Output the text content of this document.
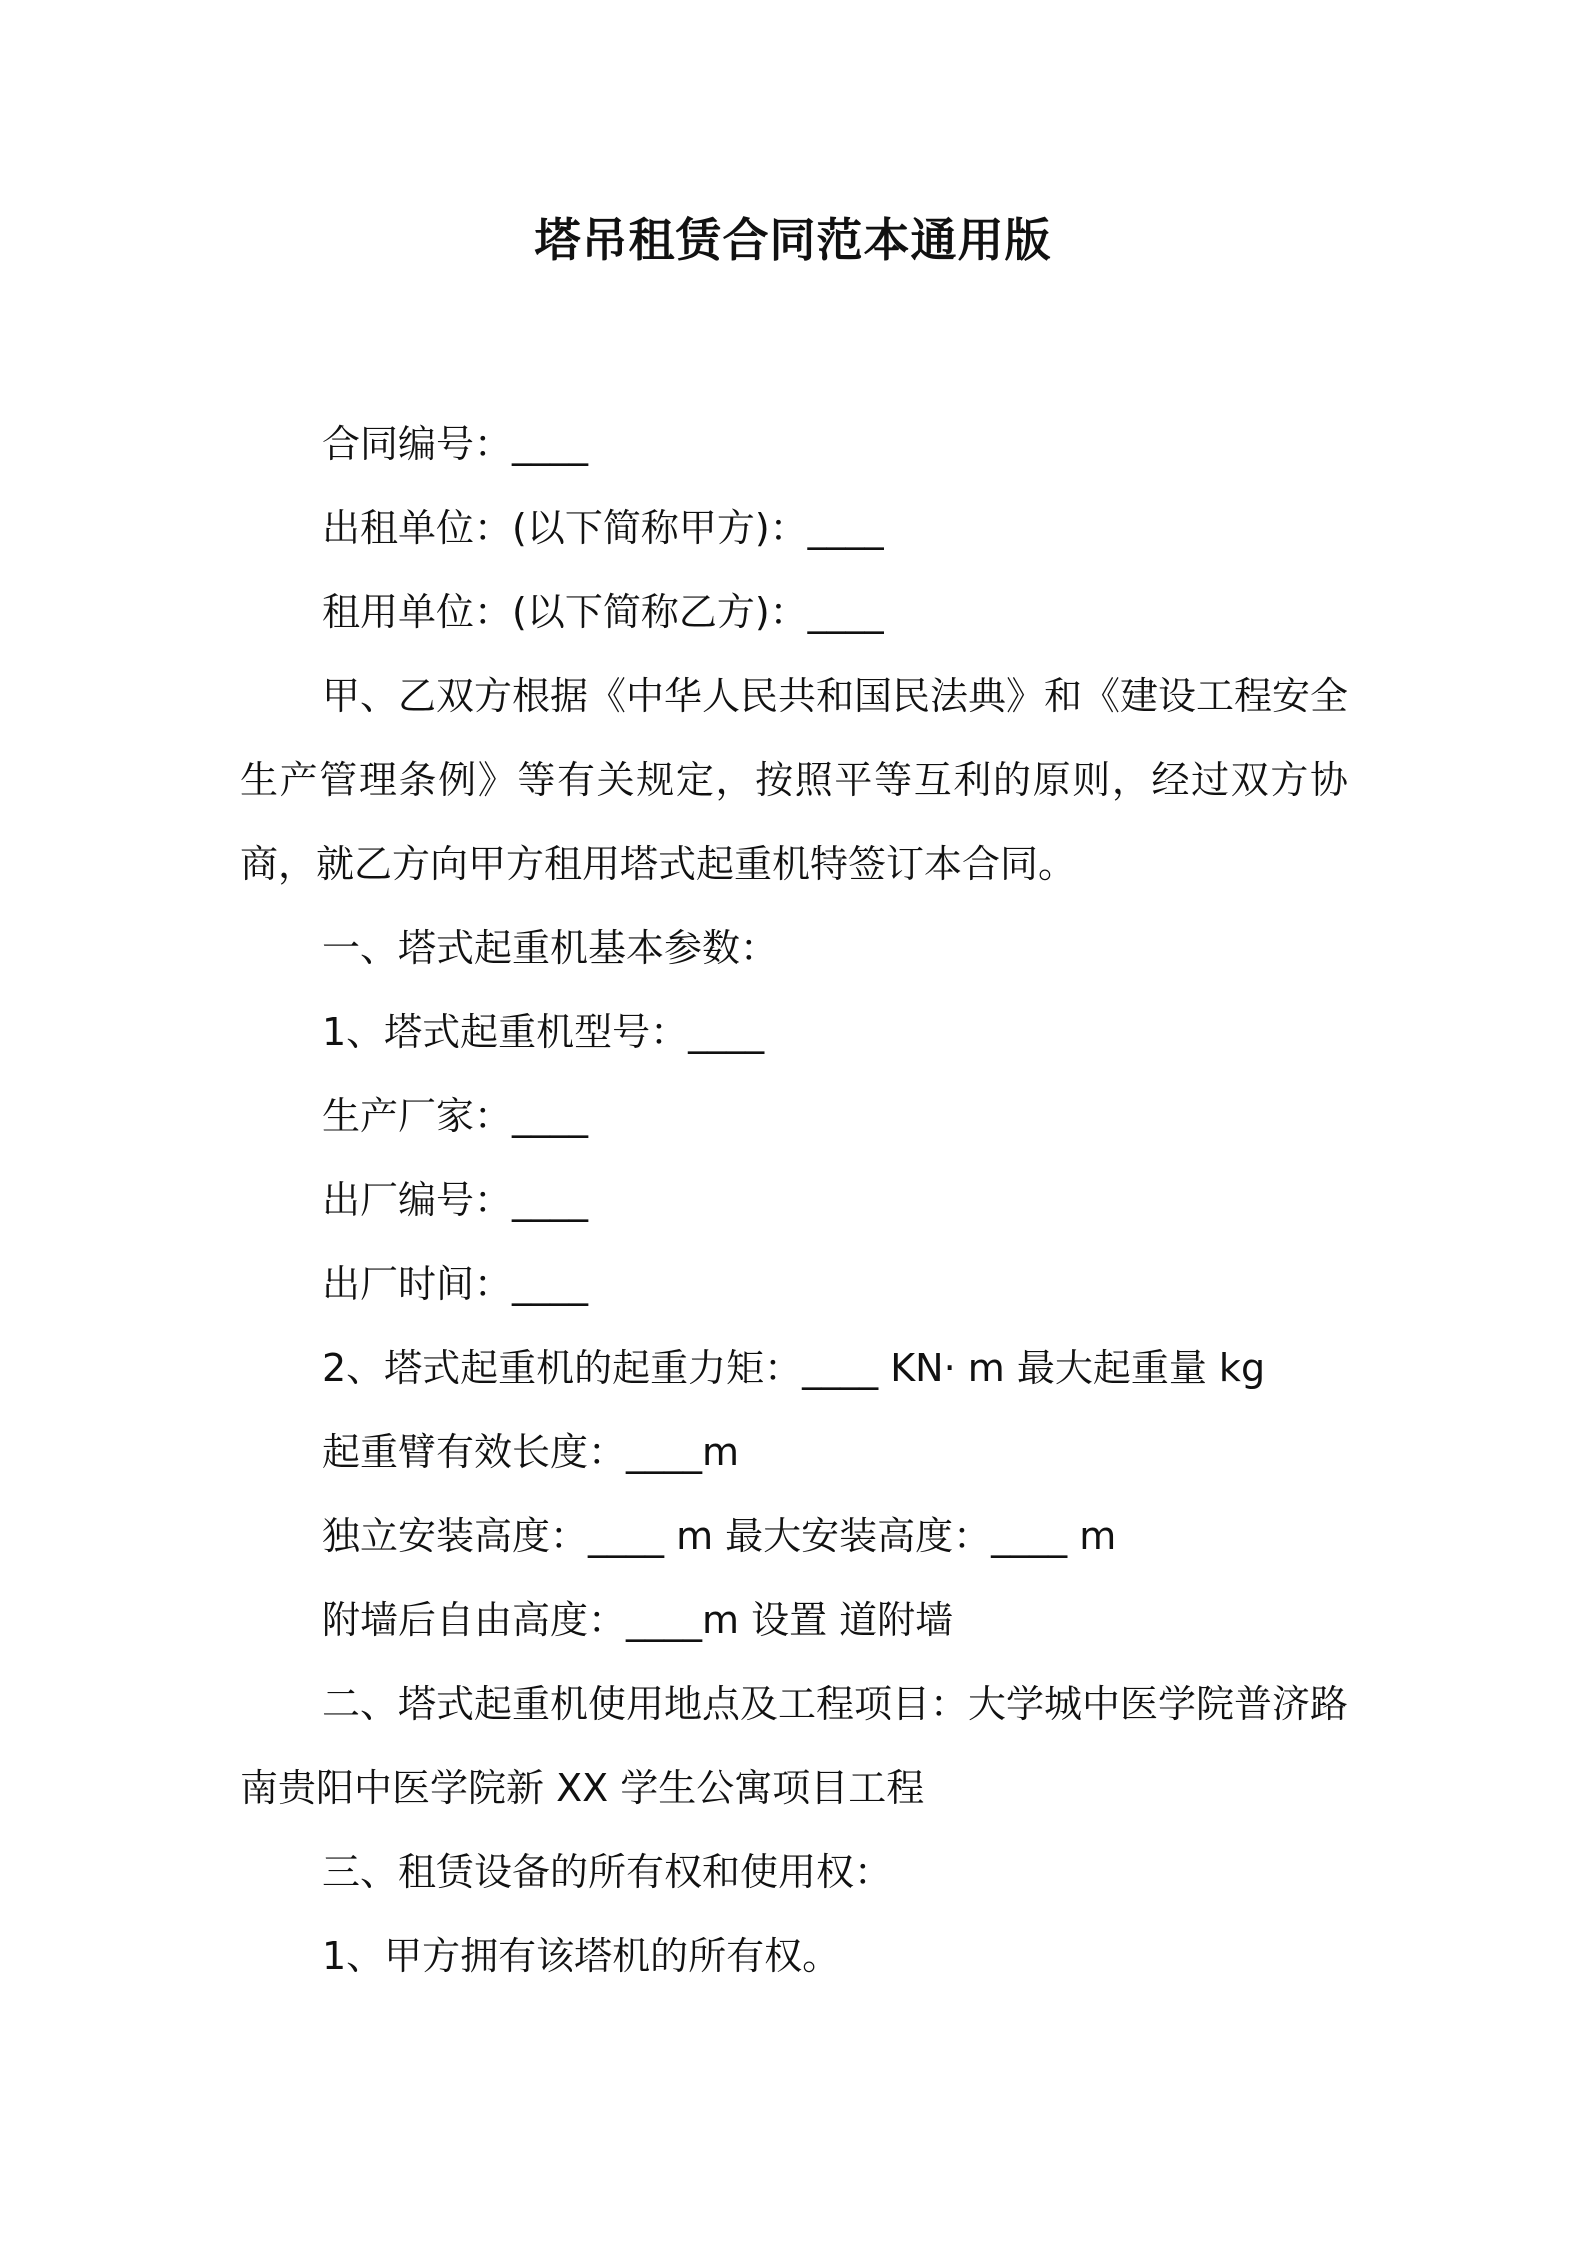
塔吊租赁合同范本通用版

合同编号：____

出租单位：(以下简称甲方)：____

租用单位：(以下简称乙方)：____

甲、乙双方根据《中华人民共和国民法典》和《建设工程安全生产管理条例》等有关规定，按照平等互利的原则，经过双方协商，就乙方向甲方租用塔式起重机特签订本合同。

一、塔式起重机基本参数：

1、塔式起重机型号：____

生产厂家：____

出厂编号：____

出厂时间：____

2、塔式起重机的起重力矩：____ KN· m 最大起重量 kg

起重臂有效长度：____m

独立安装高度：____ m 最大安装高度：____ m

附墙后自由高度：____m 设置 道附墙

二、塔式起重机使用地点及工程项目：大学城中医学院普济路南贵阳中医学院新 XX 学生公寓项目工程

三、租赁设备的所有权和使用权：

1、甲方拥有该塔机的所有权。
